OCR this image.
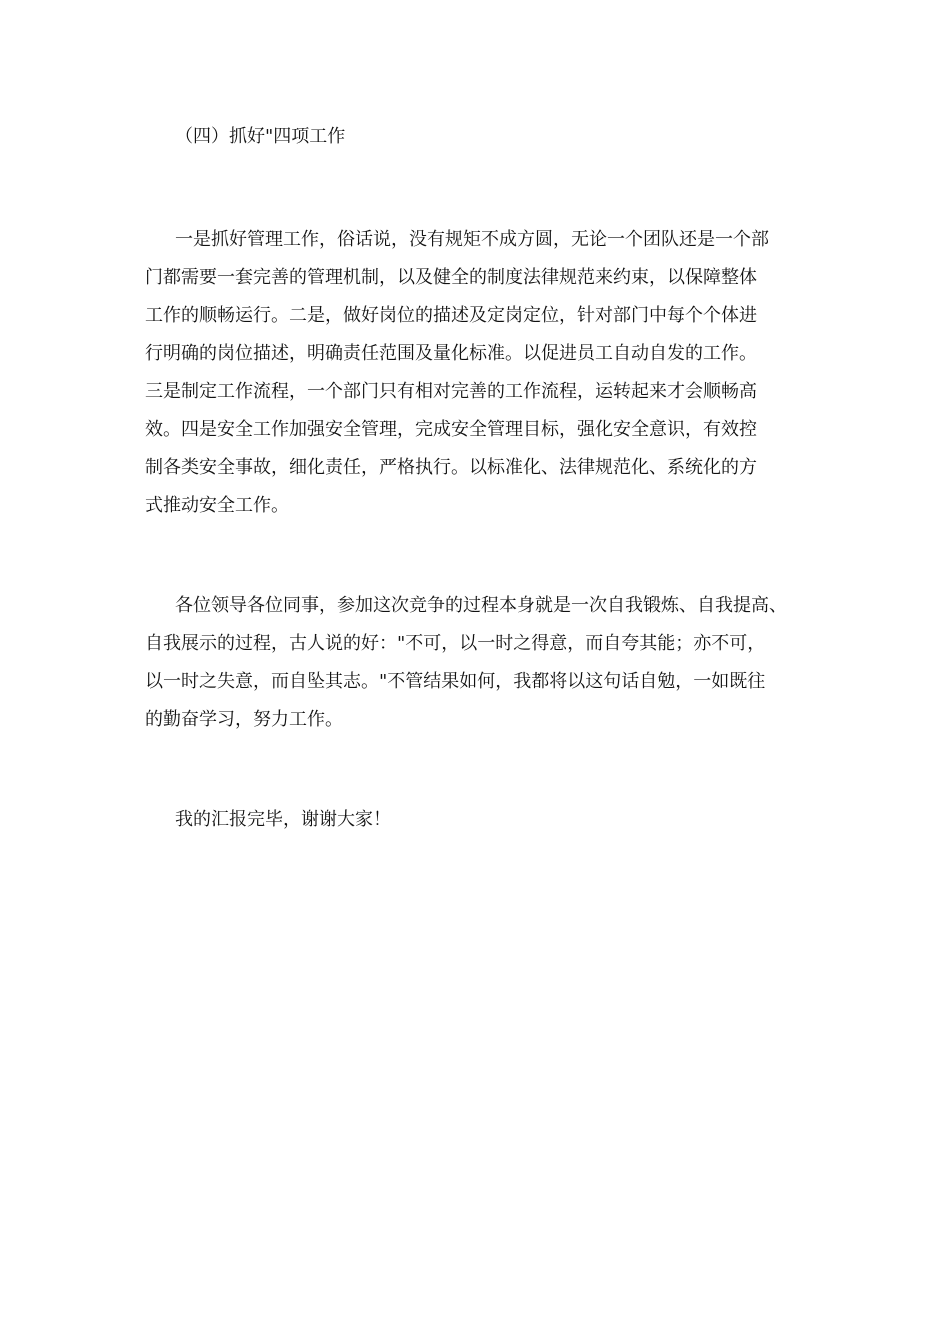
（四）抓好"四项工作

一是抓好管理工作，俗话说，没有规矩不成方圆，无论一个团队还是一个部
门都需要一套完善的管理机制，以及健全的制度法律规范来约束，以保障整体
工作的顺畅运行。二是，做好岗位的描述及定岗定位，针对部门中每个个体进
行明确的岗位描述，明确责任范围及量化标准。以促进员工自动自发的工作。
三是制定工作流程，一个部门只有相对完善的工作流程，运转起来才会顺畅高
效。四是安全工作加强安全管理，完成安全管理目标，强化安全意识，有效控
制各类安全事故，细化责任，严格执行。以标准化、法律规范化、系统化的方
式推动安全工作。

各位领导各位同事，参加这次竞争的过程本身就是一次自我锻炼、自我提高、
自我展示的过程，古人说的好："不可，以一时之得意，而自夸其能；亦不可，
以一时之失意，而自坠其志。"不管结果如何，我都将以这句话自勉，一如既往
的勤奋学习，努力工作。

我的汇报完毕，谢谢大家！
